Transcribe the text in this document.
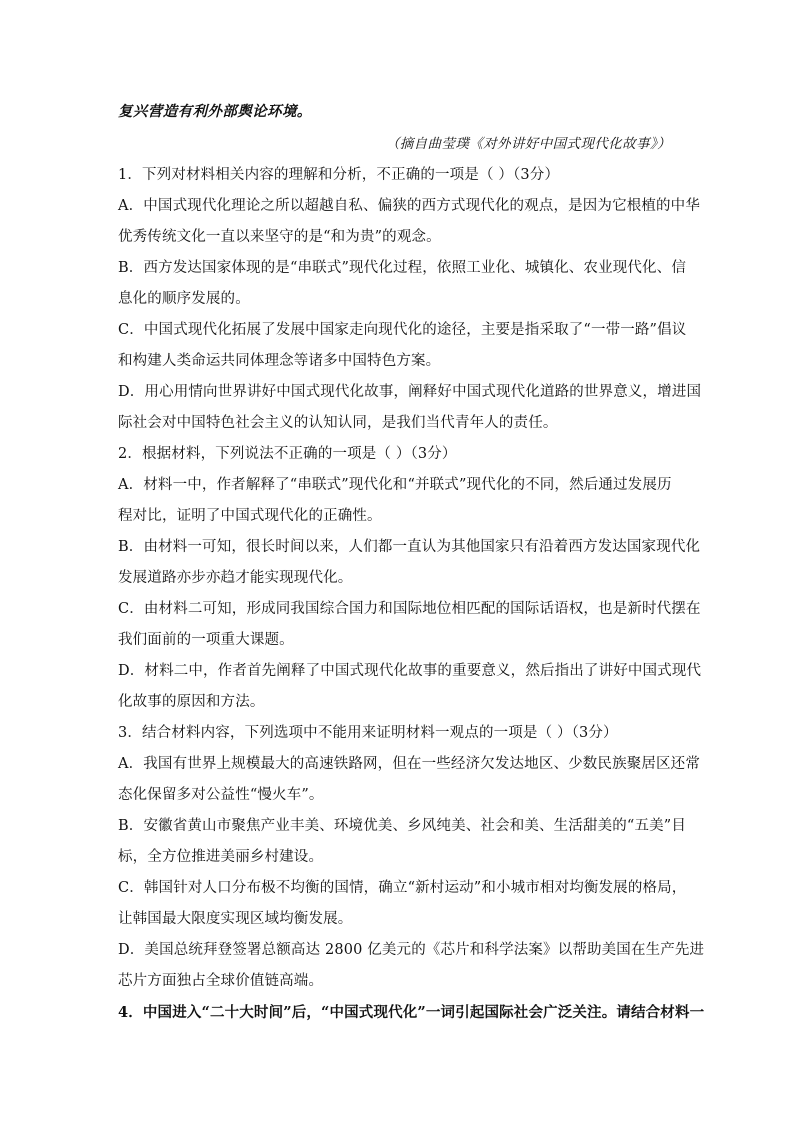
复兴营造有利外部舆论环境。
（摘自曲莹璞《对外讲好中国式现代化故事》）
1．下列对材料相关内容的理解和分析，不正确的一项是（ ）（3分）
A．中国式现代化理论之所以超越自私、偏狭的西方式现代化的观点，是因为它根植的中华
优秀传统文化一直以来坚守的是“和为贵”的观念。
B．西方发达国家体现的是“串联式”现代化过程，依照工业化、城镇化、农业现代化、信
息化的顺序发展的。
C．中国式现代化拓展了发展中国家走向现代化的途径，主要是指采取了“一带一路”倡议
和构建人类命运共同体理念等诸多中国特色方案。
D．用心用情向世界讲好中国式现代化故事，阐释好中国式现代化道路的世界意义，增进国
际社会对中国特色社会主义的认知认同，是我们当代青年人的责任。
2．根据材料，下列说法不正确的一项是（ ）（3分）
A．材料一中，作者解释了“串联式”现代化和“并联式”现代化的不同，然后通过发展历
程对比，证明了中国式现代化的正确性。
B．由材料一可知，很长时间以来，人们都一直认为其他国家只有沿着西方发达国家现代化
发展道路亦步亦趋才能实现现代化。
C．由材料二可知，形成同我国综合国力和国际地位相匹配的国际话语权，也是新时代摆在
我们面前的一项重大课题。
D．材料二中，作者首先阐释了中国式现代化故事的重要意义，然后指出了讲好中国式现代
化故事的原因和方法。
3．结合材料内容，下列选项中不能用来证明材料一观点的一项是（ ）（3分）
A．我国有世界上规模最大的高速铁路网，但在一些经济欠发达地区、少数民族聚居区还常
态化保留多对公益性“慢火车”。
B．安徽省黄山市聚焦产业丰美、环境优美、乡风纯美、社会和美、生活甜美的“五美”目
标，全方位推进美丽乡村建设。
C．韩国针对人口分布极不均衡的国情，确立“新村运动”和小城市相对均衡发展的格局，
让韩国最大限度实现区域均衡发展。
D．美国总统拜登签署总额高达 2800 亿美元的《芯片和科学法案》以帮助美国在生产先进
芯片方面独占全球价值链高端。
4．中国进入“二十大时间”后，“中国式现代化”一词引起国际社会广泛关注。请结合材料一
